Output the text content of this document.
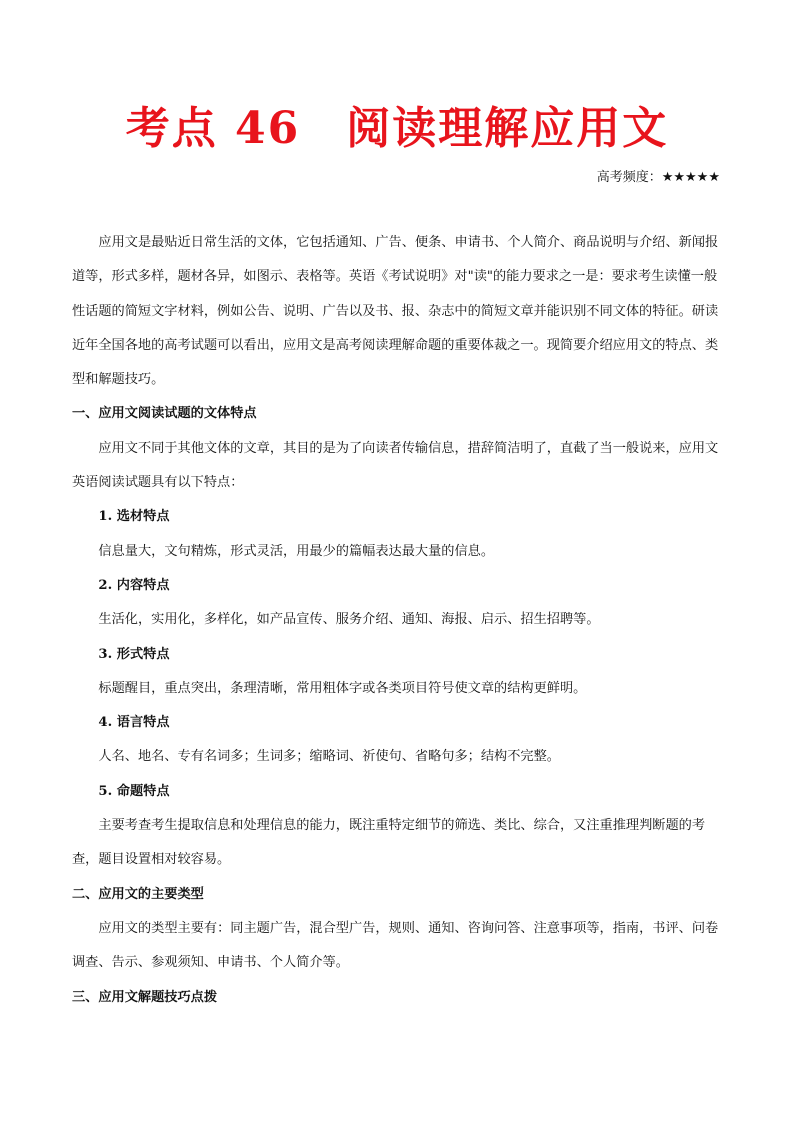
考点 46 阅读理解应用文
高考频度：★★★★★

应用文是最贴近日常生活的文体，它包括通知、广告、便条、申请书、个人简介、商品说明与介绍、新闻报道等，形式多样，题材各异，如图示、表格等。英语《考试说明》对"读"的能力要求之一是：要求考生读懂一般性话题的简短文字材料，例如公告、说明、广告以及书、报、杂志中的简短文章并能识别不同文体的特征。研读近年全国各地的高考试题可以看出，应用文是高考阅读理解命题的重要体裁之一。现简要介绍应用文的特点、类型和解题技巧。

一、应用文阅读试题的文体特点

应用文不同于其他文体的文章，其目的是为了向读者传输信息，措辞简洁明了，直截了当一般说来，应用文英语阅读试题具有以下特点：

1. 选材特点

信息量大，文句精炼，形式灵活，用最少的篇幅表达最大量的信息。

2. 内容特点

生活化，实用化，多样化，如产品宣传、服务介绍、通知、海报、启示、招生招聘等。

3. 形式特点

标题醒目，重点突出，条理清晰，常用粗体字或各类项目符号使文章的结构更鲜明。

4. 语言特点

人名、地名、专有名词多；生词多；缩略词、祈使句、省略句多；结构不完整。

5. 命题特点

主要考查考生提取信息和处理信息的能力，既注重特定细节的筛选、类比、综合，又注重推理判断题的考查，题目设置相对较容易。

二、应用文的主要类型

应用文的类型主要有：同主题广告，混合型广告，规则、通知、咨询问答、注意事项等，指南，书评、问卷调查、告示、参观须知、申请书、个人简介等。

三、应用文解题技巧点拨
